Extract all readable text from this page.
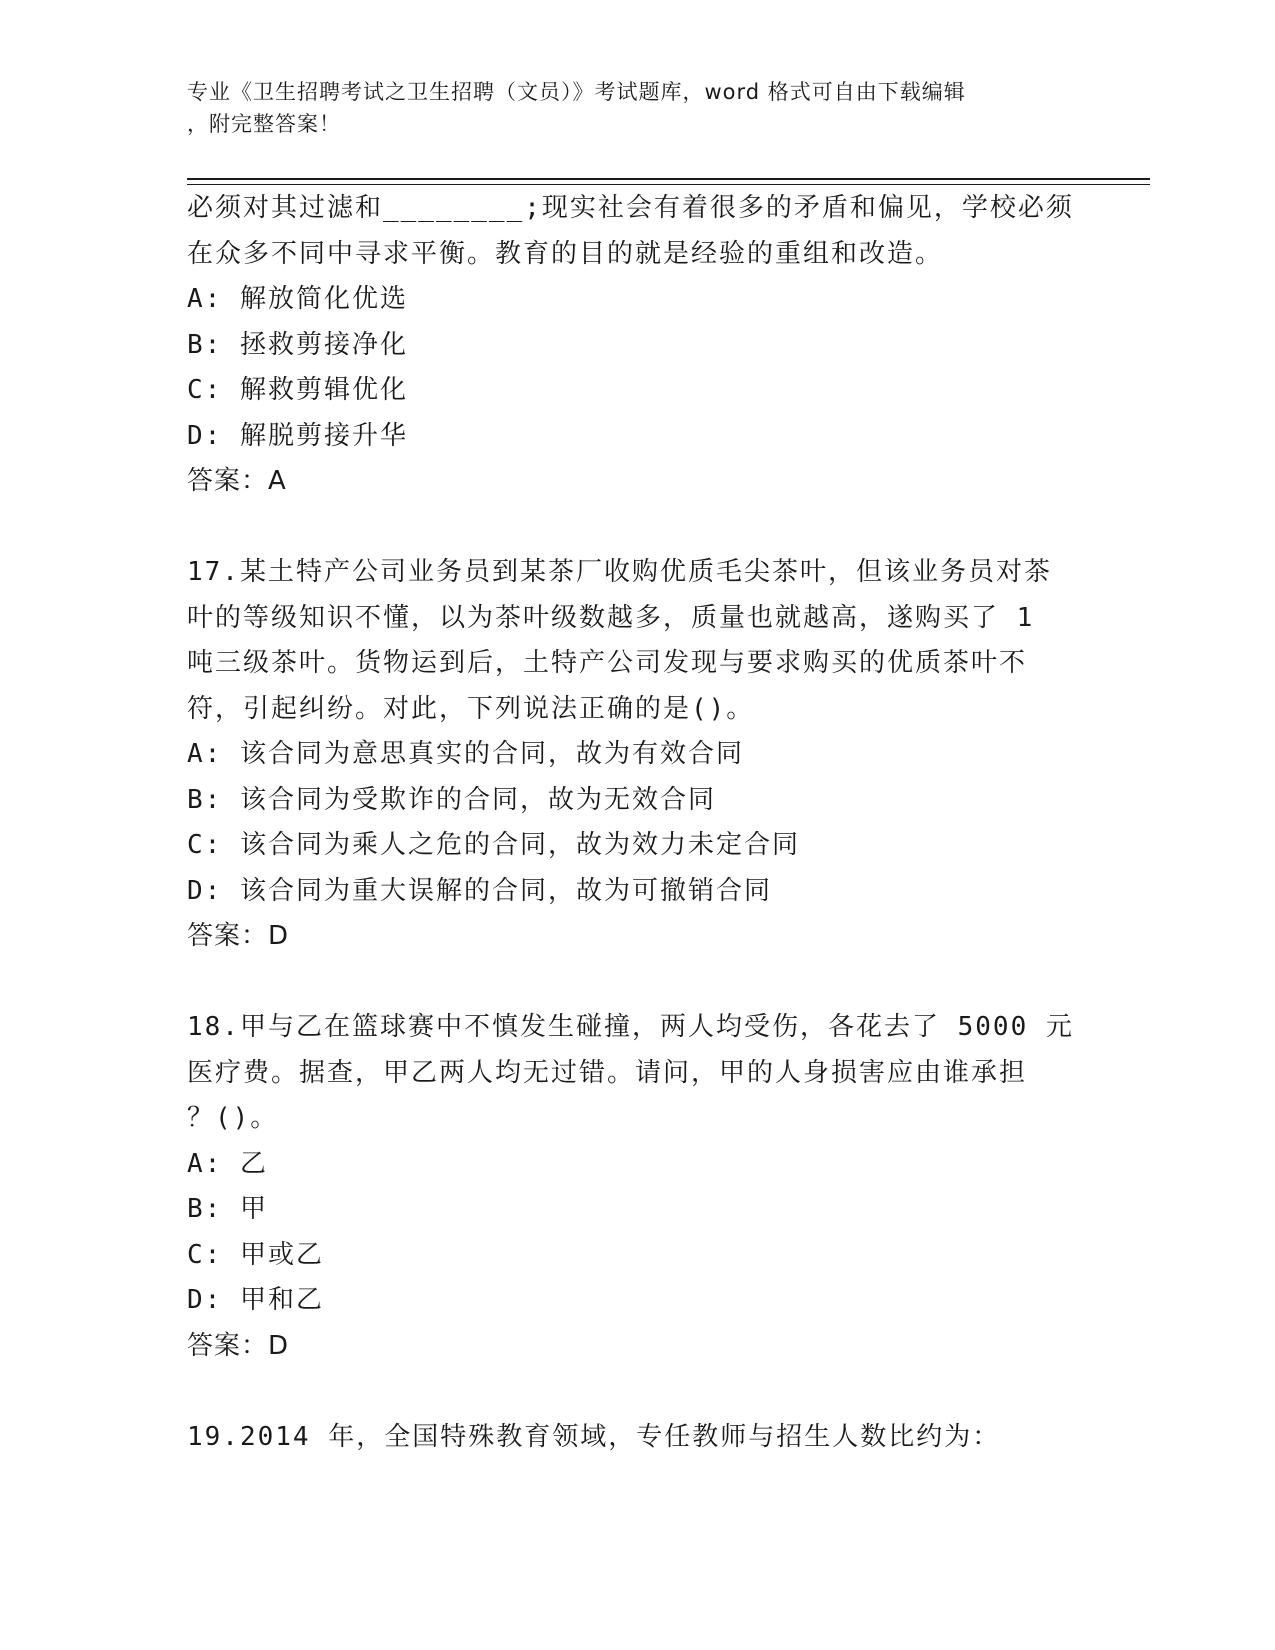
专业《卫生招聘考试之卫生招聘（文员）》考试题库，word 格式可自由下载编辑
，附完整答案！

必须对其过滤和________;现实社会有着很多的矛盾和偏见，学校必须

在众多不同中寻求平衡。教育的目的就是经验的重组和改造。

A: 解放简化优选

B: 拯救剪接净化

C: 解救剪辑优化

D: 解脱剪接升华

答案：A

17.某土特产公司业务员到某茶厂收购优质毛尖茶叶，但该业务员对茶

叶的等级知识不懂，以为茶叶级数越多，质量也就越高，遂购买了 1

吨三级茶叶。货物运到后，土特产公司发现与要求购买的优质茶叶不

符，引起纠纷。对此，下列说法正确的是()。

A: 该合同为意思真实的合同，故为有效合同

B: 该合同为受欺诈的合同，故为无效合同

C: 该合同为乘人之危的合同，故为效力未定合同

D: 该合同为重大误解的合同，故为可撤销合同

答案：D

18.甲与乙在篮球赛中不慎发生碰撞，两人均受伤，各花去了 5000 元

医疗费。据查，甲乙两人均无过错。请问，甲的人身损害应由谁承担

？()。

A: 乙

B: 甲

C: 甲或乙

D: 甲和乙

答案：D

19.2014 年，全国特殊教育领域，专任教师与招生人数比约为：
